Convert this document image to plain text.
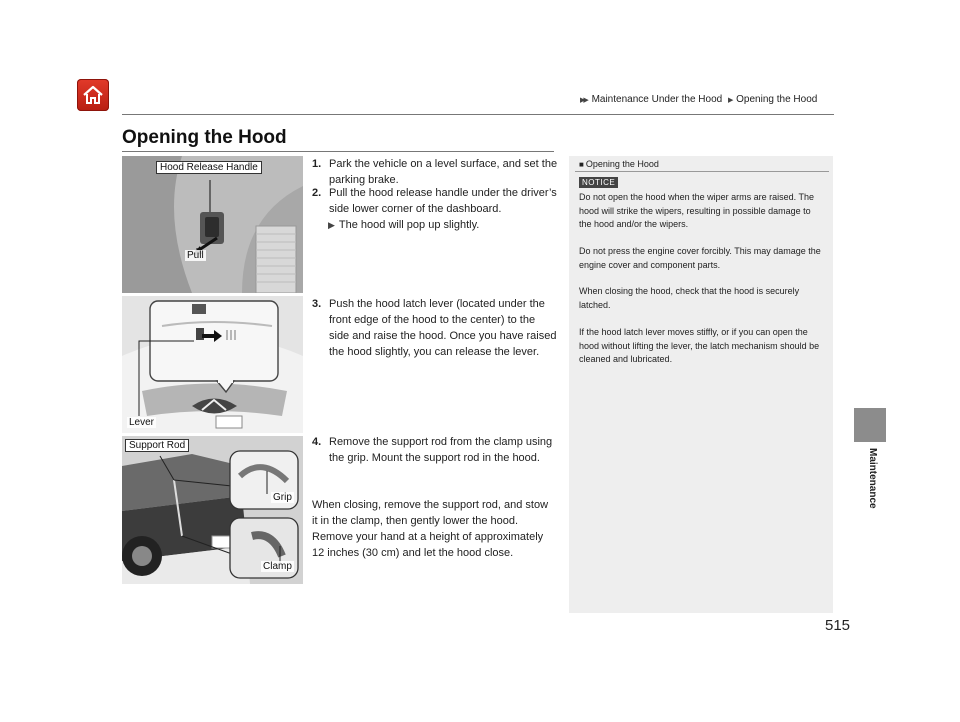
▶▶ Maintenance Under the Hood ▶ Opening the Hood
Opening the Hood
Hood Release Handle
Pull
Lever
Support Rod
Grip
Clamp
1. Park the vehicle on a level surface, and set the parking brake.
2. Pull the hood release handle under the driver’s side lower corner of the dashboard.
▶ The hood will pop up slightly.
3. Push the hood latch lever (located under the front edge of the hood to the center) to the side and raise the hood. Once you have raised the hood slightly, you can release the lever.
4. Remove the support rod from the clamp using the grip. Mount the support rod in the hood.
When closing, remove the support rod, and stow it in the clamp, then gently lower the hood. Remove your hand at a height of approximately 12 inches (30 cm) and let the hood close.
■ Opening the Hood
NOTICE

Do not open the hood when the wiper arms are raised. The hood will strike the wipers, resulting in possible damage to the hood and/or the wipers.

Do not press the engine cover forcibly. This may damage the engine cover and component parts.

When closing the hood, check that the hood is securely latched.

If the hood latch lever moves stiffly, or if you can open the hood without lifting the lever, the latch mechanism should be cleaned and lubricated.

Maintenance
515
